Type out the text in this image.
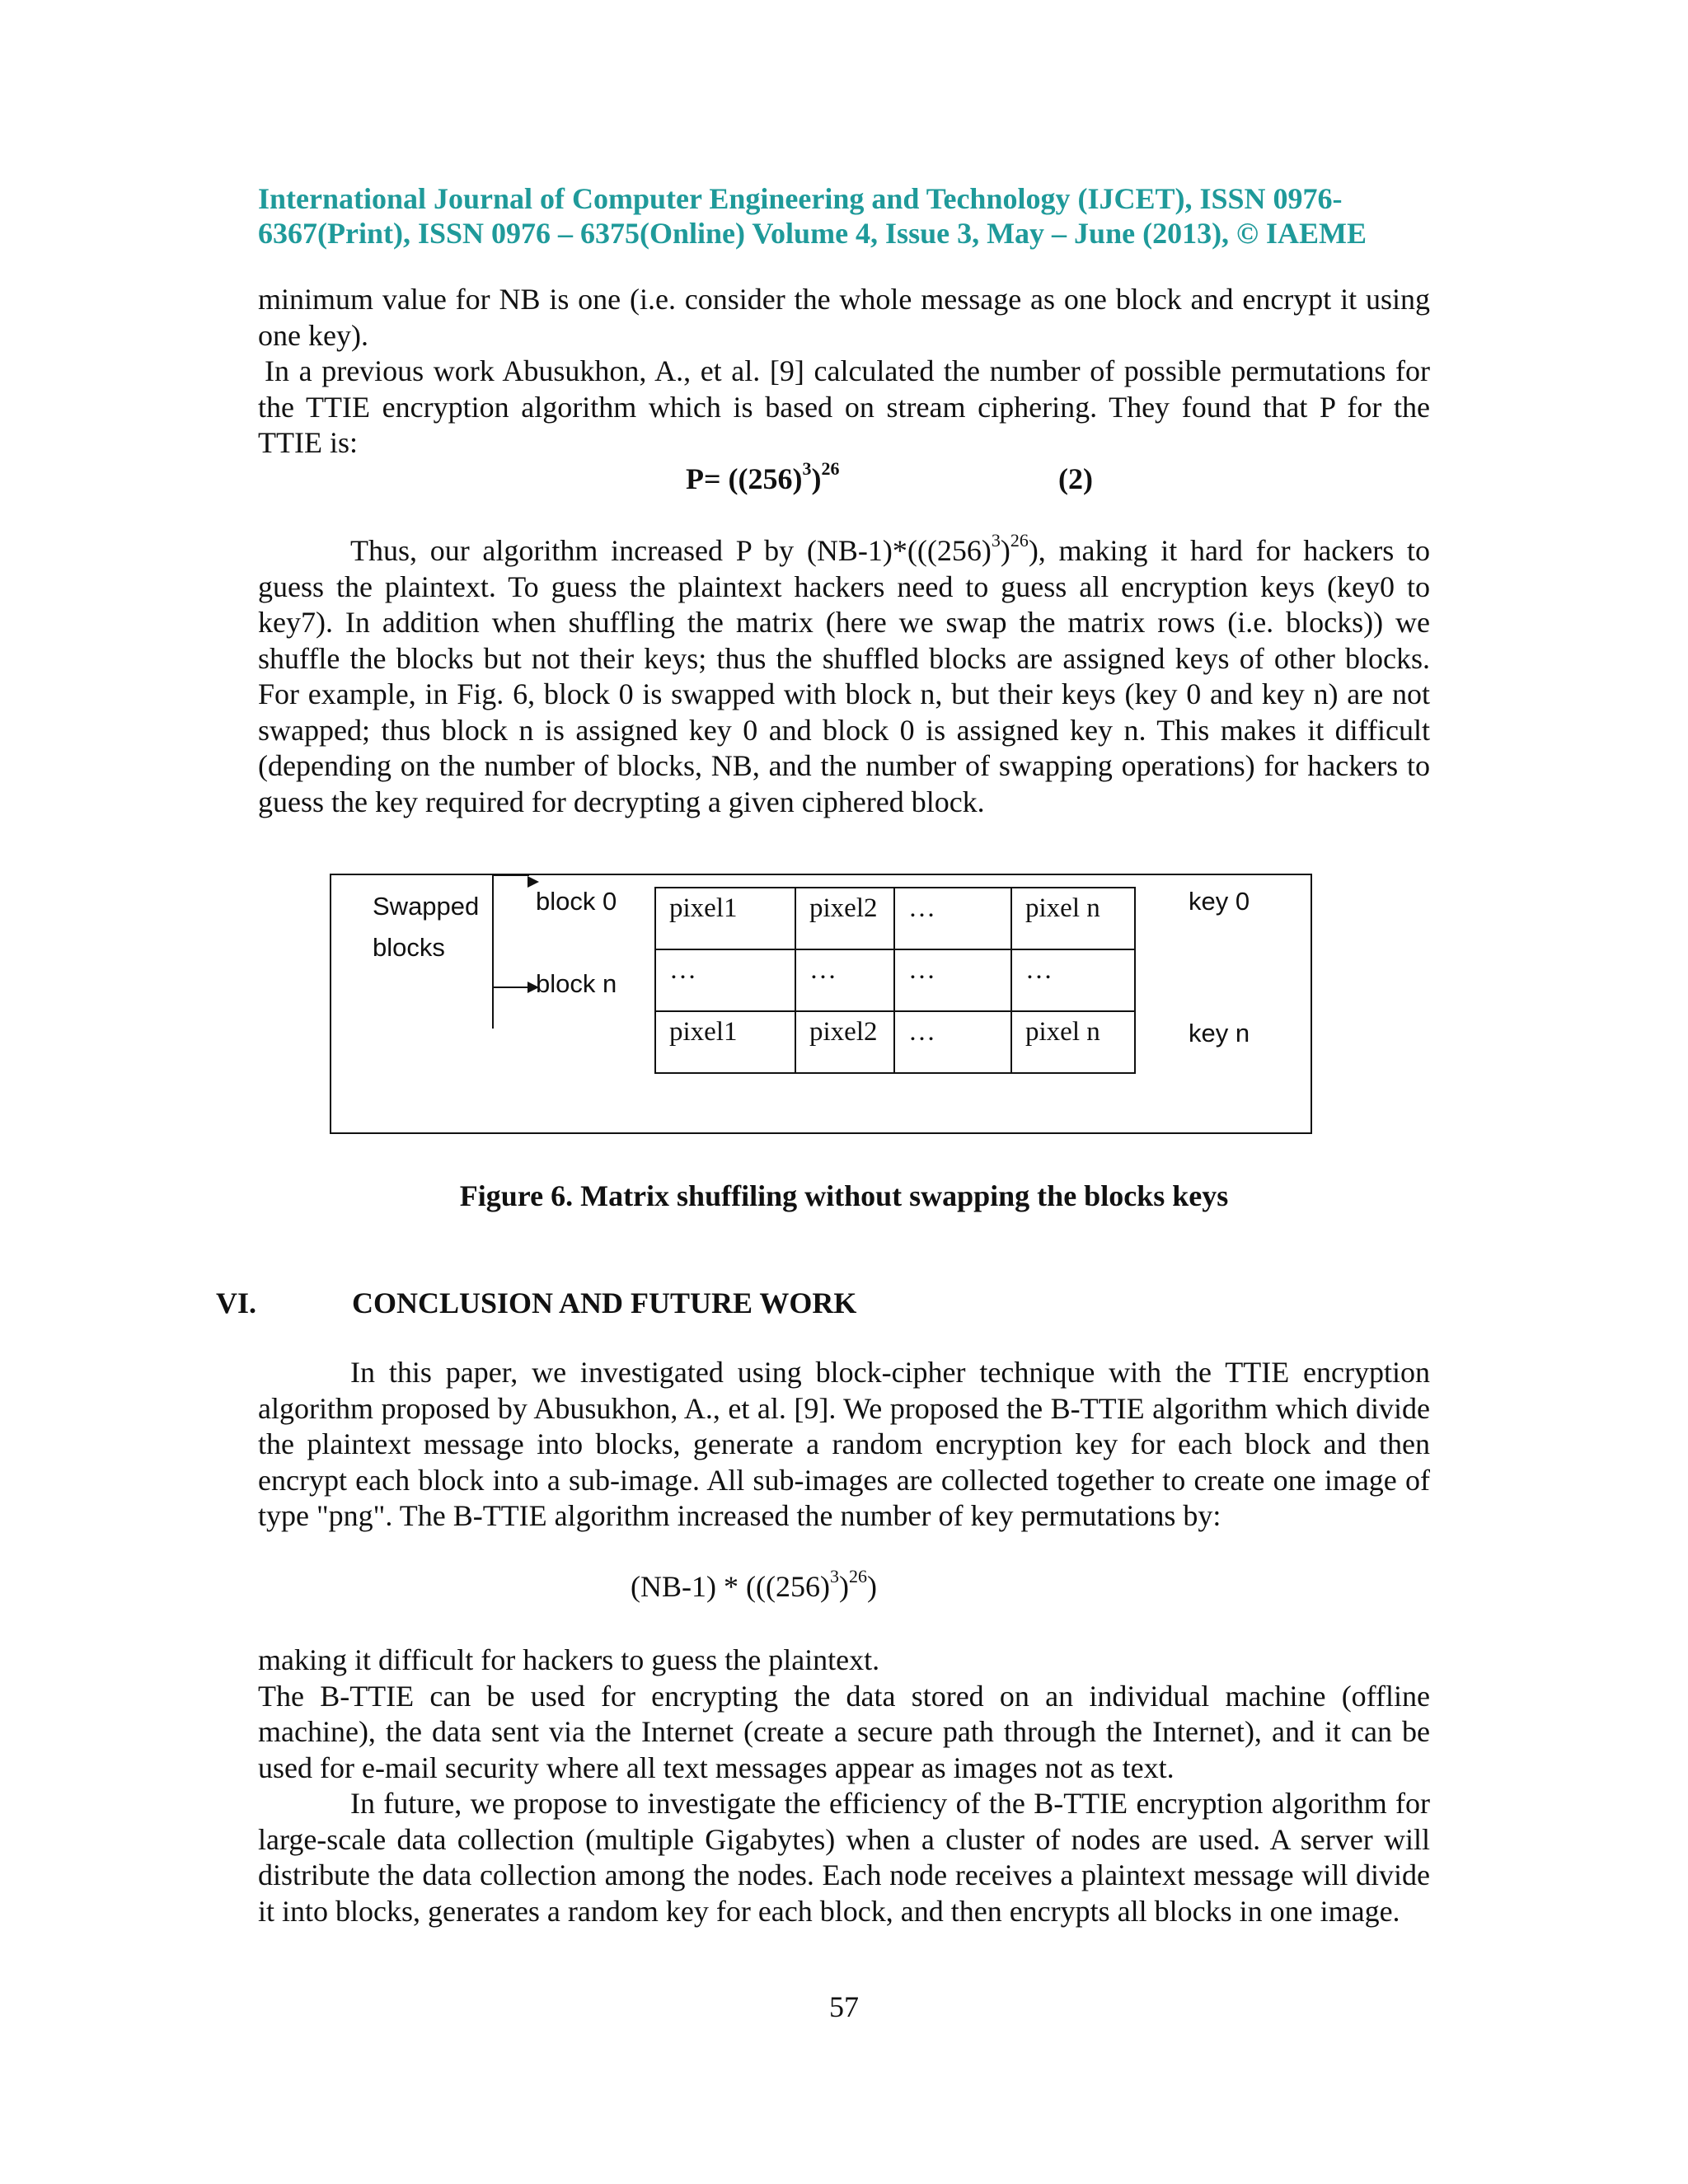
International Journal of Computer Engineering and Technology (IJCET), ISSN 0976-
6367(Print), ISSN 0976 – 6375(Online) Volume 4, Issue 3, May – June (2013), © IAEME

minimum value for NB is one (i.e. consider the whole message as one block and encrypt it using one key).

In a previous work Abusukhon, A., et al. [9] calculated the number of possible permutations for the TTIE encryption algorithm which is based on stream ciphering. They found that P for the TTIE is:

$P= ((256)^3)^{26}$	(2)

Thus, our algorithm increased P by $(NB-1)*(((256)^3)^{26})$, making it hard for hackers to guess the plaintext. To guess the plaintext hackers need to guess all encryption keys (key0 to key7). In addition when shuffling the matrix (here we swap the matrix rows (i.e. blocks)) we shuffle the blocks but not their keys; thus the shuffled blocks are assigned keys of other blocks. For example, in Fig. 6, block 0 is swapped with block n, but their keys (key 0 and key n) are not swapped; thus block n is assigned key 0 and block 0 is assigned key n. This makes it difficult (depending on the number of blocks, NB, and the number of swapping operations) for hackers to guess the key required for decrypting a given ciphered block.

Swapped
blocks
block 0
block n
pixel1	pixel2	…	pixel n
…	…	…	…
pixel1	pixel2	…	pixel n
key 0
key n
Figure 6. Matrix shuffiling without swapping the blocks keys
VI.	CONCLUSION AND FUTURE WORK

In this paper, we investigated using block-cipher technique with the TTIE encryption algorithm proposed by Abusukhon, A., et al. [9]. We proposed the B-TTIE algorithm which divide the plaintext message into blocks, generate a random encryption key for each block and then encrypt each block into a sub-image. All sub-images are collected together to create one image of type "png". The B-TTIE algorithm increased the number of key permutations by:

$(NB-1) * (((256)^3)^{26})$

making it difficult for hackers to guess the plaintext.

The B-TTIE can be used for encrypting the data stored on an individual machine (offline machine), the data sent via the Internet (create a secure path through the Internet), and it can be used for e-mail security where all text messages appear as images not as text.

In future, we propose to investigate the efficiency of the B-TTIE encryption algorithm for large-scale data collection (multiple Gigabytes) when a cluster of nodes are used. A server will distribute the data collection among the nodes. Each node receives a plaintext message will divide it into blocks, generates a random key for each block, and then encrypts all blocks in one image.

57
